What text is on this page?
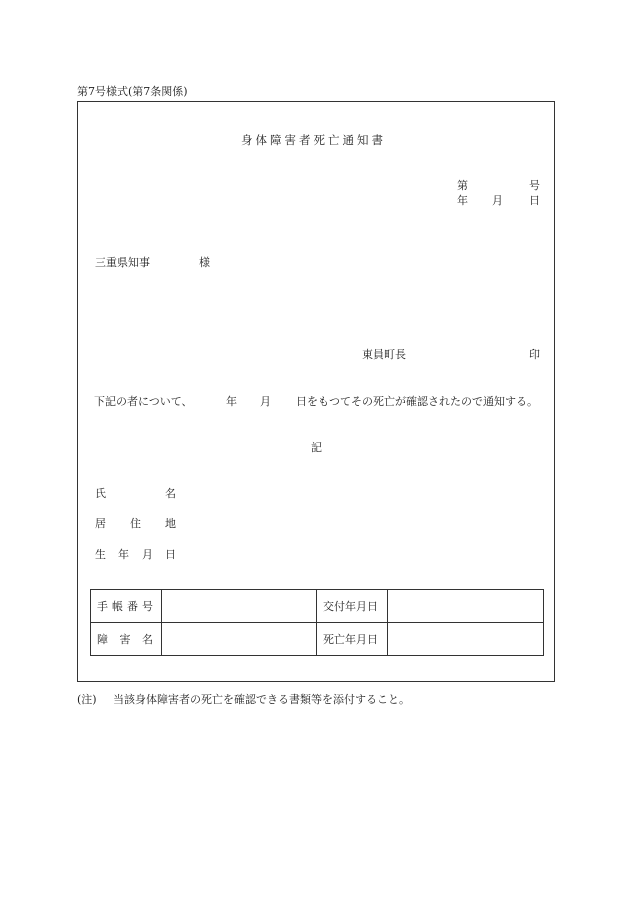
第7号様式(第7条関係)
身体障害者死亡通知書
第	号
年 月 日
三重県知事	様
東員町長	印
下記の者について、	年 月 日をもつてその死亡が確認されたので通知する。
記
氏	名
居 住 地
生 年 月 日
手 帳 番 号		交付年月日	

障 害 名		死亡年月日	
(注) 当該身体障害者の死亡を確認できる書類等を添付すること。
